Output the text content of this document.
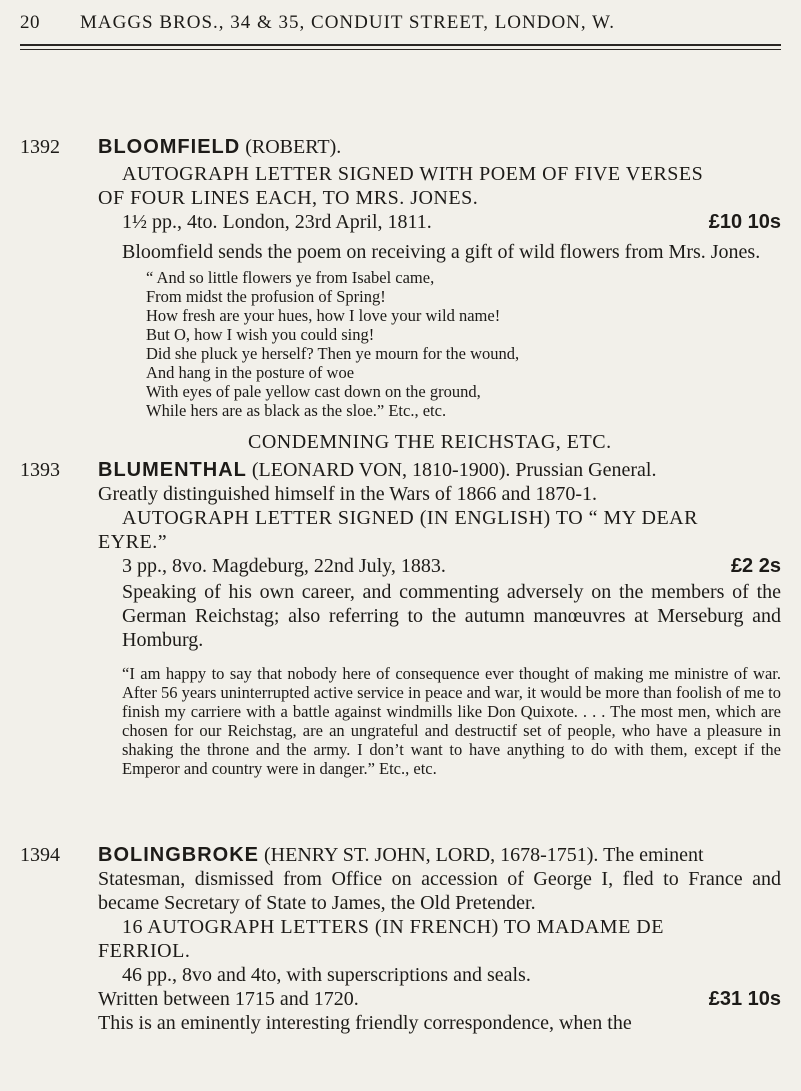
20	MAGGS BROS., 34 & 35, CONDUIT STREET, LONDON, W.
1392	BLOOMFIELD (ROBERT).
AUTOGRAPH LETTER SIGNED WITH POEM OF FIVE VERSES
OF FOUR LINES EACH, TO MRS. JONES.
1½ pp., 4to. London, 23rd April, 1811.	£10 10s
Bloomfield sends the poem on receiving a gift of wild flowers from Mrs. Jones.
“ And so little flowers ye from Isabel came,
From midst the profusion of Spring!
How fresh are your hues, how I love your wild name!
But O, how I wish you could sing!
Did she pluck ye herself? Then ye mourn for the wound,
And hang in the posture of woe
With eyes of pale yellow cast down on the ground,
While hers are as black as the sloe.” Etc., etc.
CONDEMNING THE REICHSTAG, ETC.
1393	BLUMENTHAL (LEONARD VON, 1810-1900). Prussian General.
Greatly distinguished himself in the Wars of 1866 and 1870-1.
AUTOGRAPH LETTER SIGNED (IN ENGLISH) TO “ MY DEAR
EYRE.”
3 pp., 8vo. Magdeburg, 22nd July, 1883.	£2 2s
Speaking of his own career, and commenting adversely on the members of the German Reichstag; also referring to the autumn manœuvres at Merseburg and Homburg.
“I am happy to say that nobody here of consequence ever thought of making me ministre of war. After 56 years uninterrupted active service in peace and war, it would be more than foolish of me to finish my carriere with a battle against windmills like Don Quixote. . . . The most men, which are chosen for our Reichstag, are an ungrateful and destructif set of people, who have a pleasure in shaking the throne and the army. I don’t want to have anything to do with them, except if the Emperor and country were in danger.” Etc., etc.
1394	BOLINGBROKE (HENRY ST. JOHN, LORD, 1678-1751). The eminent
Statesman, dismissed from Office on accession of George I, fled to France and became Secretary of State to James, the Old Pretender.
16 AUTOGRAPH LETTERS (IN FRENCH) TO MADAME DE
FERRIOL.
46 pp., 8vo and 4to, with superscriptions and seals.
Written between 1715 and 1720.	£31 10s
This is an eminently interesting friendly correspondence, when the
